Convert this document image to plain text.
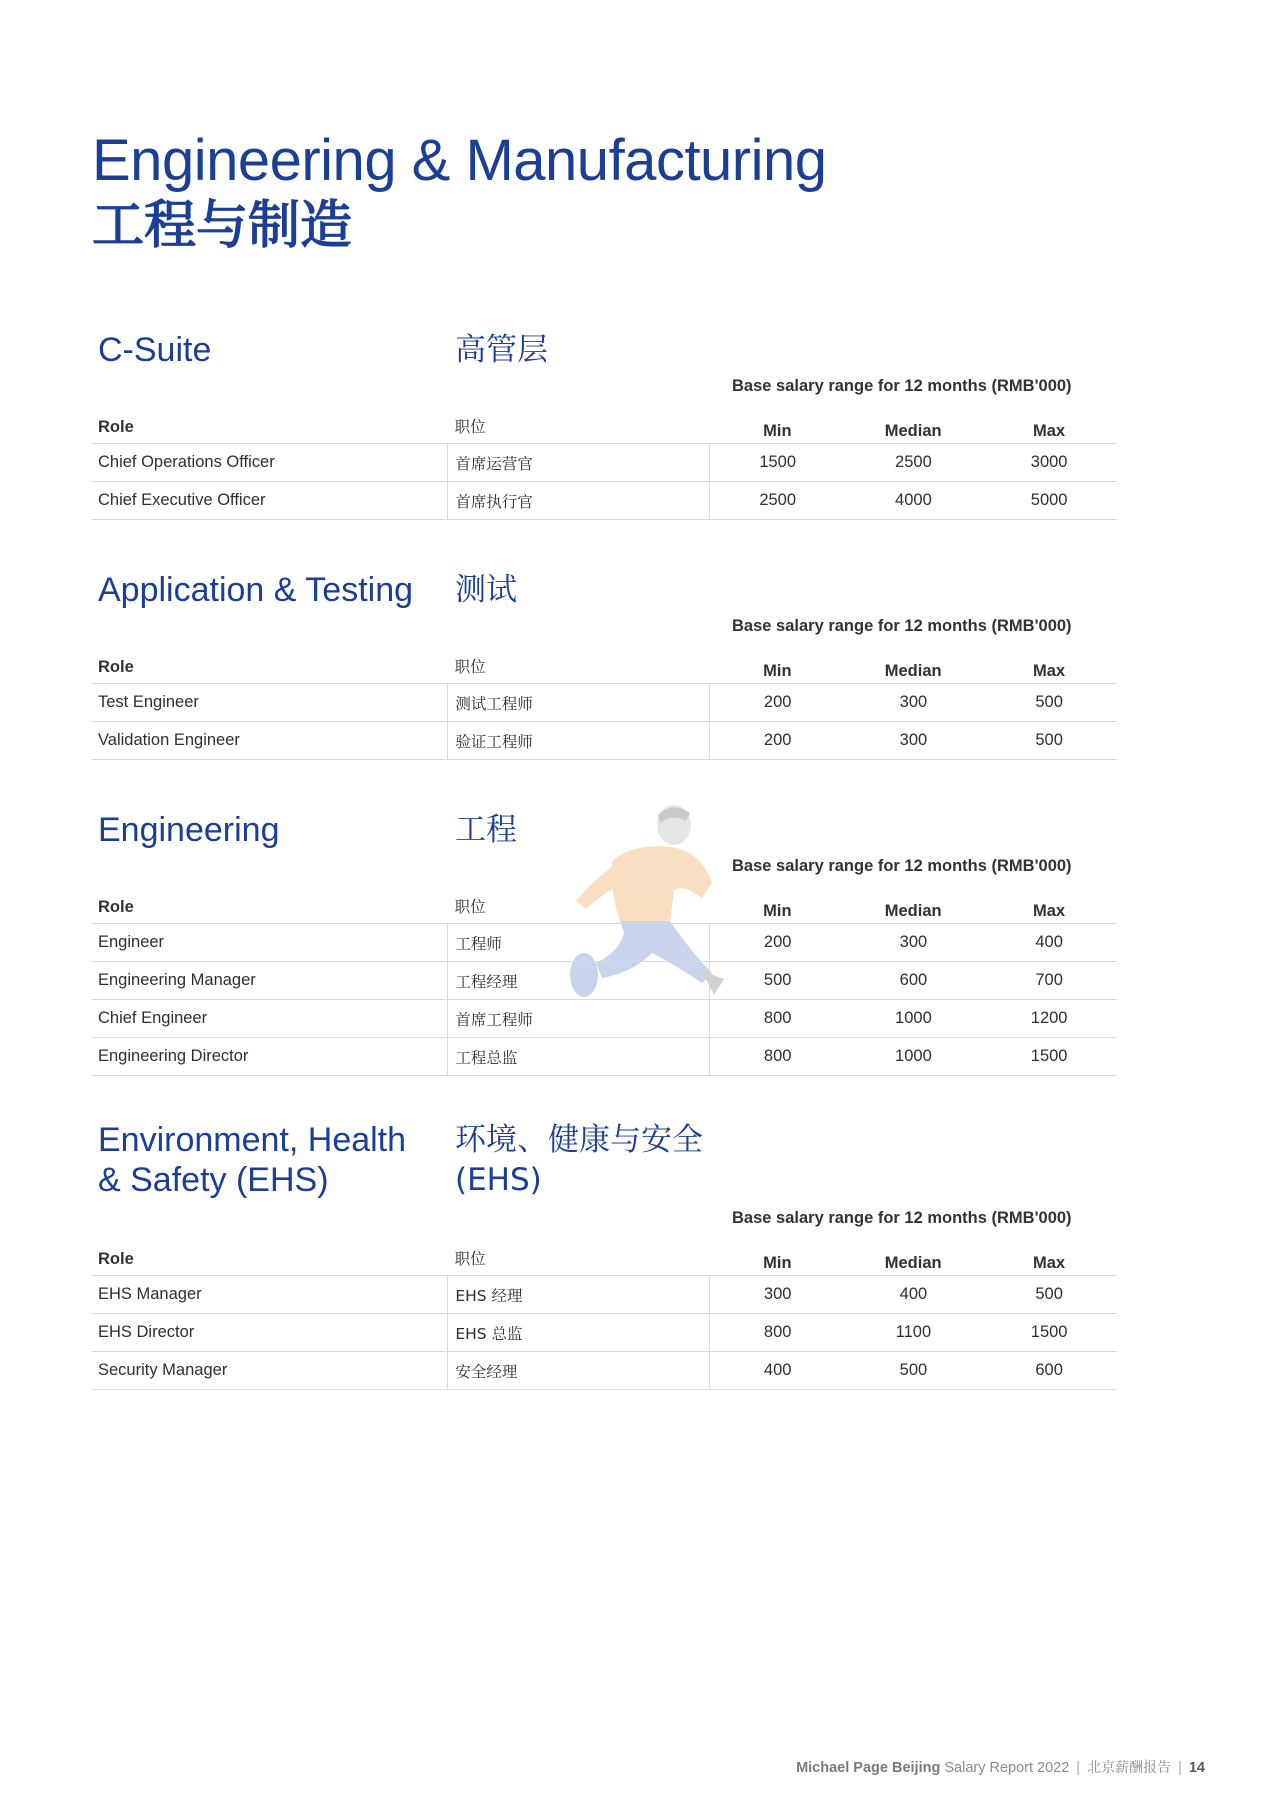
Engineering & Manufacturing
工程与制造
C-Suite	高管层
Base salary range for 12 months (RMB'000)
Role	职位	Min	Median	Max
Chief Operations Officer	首席运营官	1500	2500	3000
Chief Executive Officer	首席执行官	2500	4000	5000
Application & Testing	测试
Base salary range for 12 months (RMB'000)
Role	职位	Min	Median	Max
Test Engineer	测试工程师	200	300	500
Validation Engineer	验证工程师	200	300	500
Engineering	工程
Base salary range for 12 months (RMB'000)
Role	职位	Min	Median	Max
Engineer	工程师	200	300	400
Engineering Manager	工程经理	500	600	700
Chief Engineer	首席工程师	800	1000	1200
Engineering Director	工程总监	800	1000	1500
Environment, Health & Safety (EHS)
环境、健康与安全 (EHS)
Base salary range for 12 months (RMB'000)
Role	职位	Min	Median	Max
EHS Manager	EHS 经理	300	400	500
EHS Director	EHS 总监	800	1100	1500
Security Manager	安全经理	400	500	600
Michael Page Beijing Salary Report 2022 | 北京薪酬报告 | 14
